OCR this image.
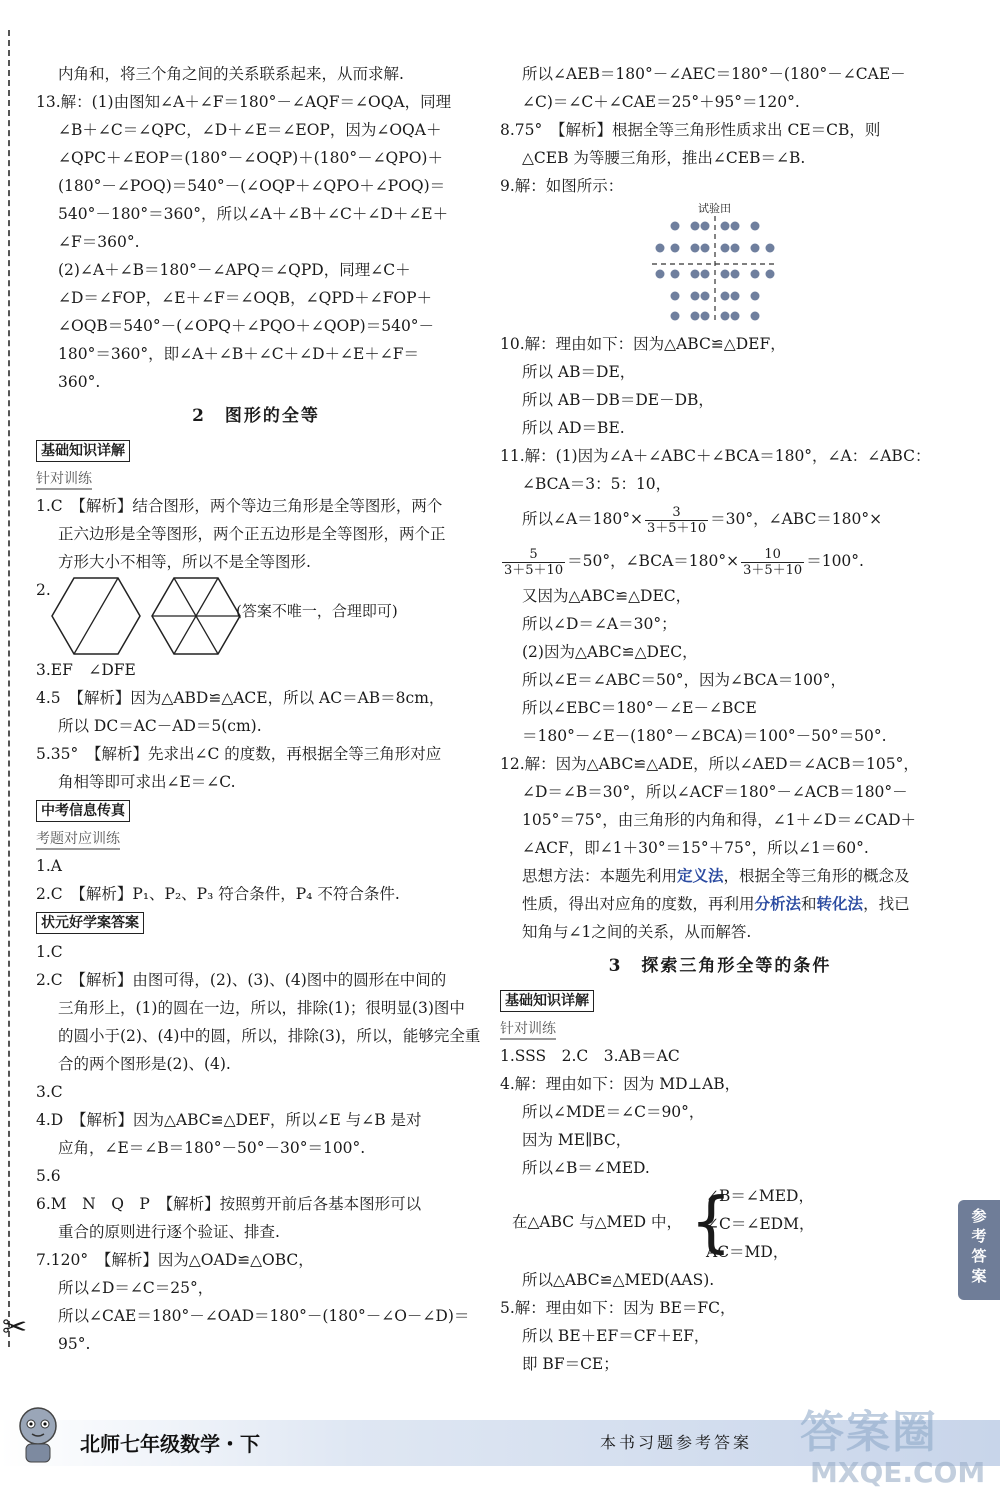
内角和，将三个角之间的关系联系起来，从而求解.
13.解：(1)由图知∠A＋∠F＝180°－∠AQF＝∠OQA，同理
∠B＋∠C＝∠QPC，∠D＋∠E＝∠EOP，因为∠OQA＋
∠QPC＋∠EOP＝(180°－∠OQP)＋(180°－∠QPO)＋
(180°－∠POQ)＝540°－(∠OQP＋∠QPO＋∠POQ)＝
540°－180°＝360°，所以∠A＋∠B＋∠C＋∠D＋∠E＋
∠F＝360°.
(2)∠A＋∠B＝180°－∠APQ＝∠QPD，同理∠C＋
∠D＝∠FOP，∠E＋∠F＝∠OQB，∠QPD＋∠FOP＋
∠OQB＝540°－(∠OPQ＋∠PQO＋∠QOP)＝540°－
180°＝360°，即∠A＋∠B＋∠C＋∠D＋∠E＋∠F＝
360°.
2　图形的全等
基础知识详解
针对训练
1.C　【解析】结合图形，两个等边三角形是全等图形，两个
正六边形是全等图形，两个正五边形是全等图形，两个正
方形大小不相等，所以不是全等图形.
2.
(答案不唯一，合理即可)
3.EF　∠DFE
4.5　【解析】因为△ABD≌△ACE，所以 AC＝AB＝8cm，
所以 DC＝AC－AD＝5(cm).
5.35°　【解析】先求出∠C 的度数，再根据全等三角形对应
角相等即可求出∠E＝∠C.
中考信息传真
考题对应训练
1.A
2.C　【解析】P₁、P₂、P₃ 符合条件，P₄ 不符合条件.
状元好学案答案
1.C
2.C　【解析】由图可得，(2)、(3)、(4)图中的圆形在中间的
三角形上，(1)的圆在一边，所以，排除(1)；很明显(3)图中
的圆小于(2)、(4)中的圆，所以，排除(3)，所以，能够完全重
合的两个图形是(2)、(4).
3.C
4.D　【解析】因为△ABC≌△DEF，所以∠E 与∠B 是对
应角，∠E＝∠B＝180°－50°－30°＝100°.
5.6
6.M　N　Q　P　【解析】按照剪开前后各基本图形可以
重合的原则进行逐个验证、排查.
7.120°　【解析】因为△OAD≌△OBC，
所以∠D＝∠C＝25°，
所以∠CAE＝180°－∠OAD＝180°－(180°－∠O－∠D)＝
95°.
所以∠AEB＝180°－∠AEC＝180°－(180°－∠CAE－
∠C)＝∠C＋∠CAE＝25°＋95°＝120°.
8.75°　【解析】根据全等三角形性质求出 CE＝CB，则
△CEB 为等腰三角形，推出∠CEB＝∠B.
9.解：如图所示：
试验田
10.解：理由如下：因为△ABC≌△DEF，
所以 AB＝DE，
所以 AB－DB＝DE－DB，
所以 AD＝BE.
11.解：(1)因为∠A＋∠ABC＋∠BCA＝180°，∠A：∠ABC：
∠BCA＝3：5：10，
所以∠A＝180°× $\frac{3}{3+5+10} =30^\circ$，∠ABC＝180°×
$\frac{5}{3+5+10} =50^\circ$，∠BCA＝180°× $\frac{10}{3+5+10} =100^\circ$.
又因为△ABC≌△DEC，
所以∠D＝∠A＝30°；
(2)因为△ABC≌△DEC，
所以∠E＝∠ABC＝50°，因为∠BCA＝100°，
所以∠EBC＝180°－∠E－∠BCE
＝180°－∠E－(180°－∠BCA)＝100°－50°＝50°.
12.解：因为△ABC≌△ADE，所以∠AED＝∠ACB＝105°，
∠D＝∠B＝30°，所以∠ACF＝180°－∠ACB＝180°－
105°＝75°，由三角形的内角和得，∠1＋∠D＝∠CAD＋
∠ACF，即∠1＋30°＝15°＋75°，所以∠1＝60°.
思想方法：本题先利用定义法，根据全等三角形的概念及
性质，得出对应角的度数，再利用分析法和转化法，找已
知角与∠1之间的关系，从而解答.
3　探索三角形全等的条件
基础知识详解
针对训练
1.SSS　2.C　3.AB＝AC
4.解：理由如下：因为 MD⊥AB，
所以∠MDE＝∠C＝90°，
因为 ME∥BC，
所以∠B＝∠MED.
在△ABC 与△MED 中， {
∠B＝∠MED，
∠C＝∠EDM，
AC＝MD，
所以△ABC≌△MED(AAS).
5.解：理由如下：因为 BE＝FC，
所以 BE＋EF＝CF＋EF，
即 BF＝CE；
参考答案
✂
北师七年级数学・下	本书习题参考答案 答案圈
MXQE.COM
